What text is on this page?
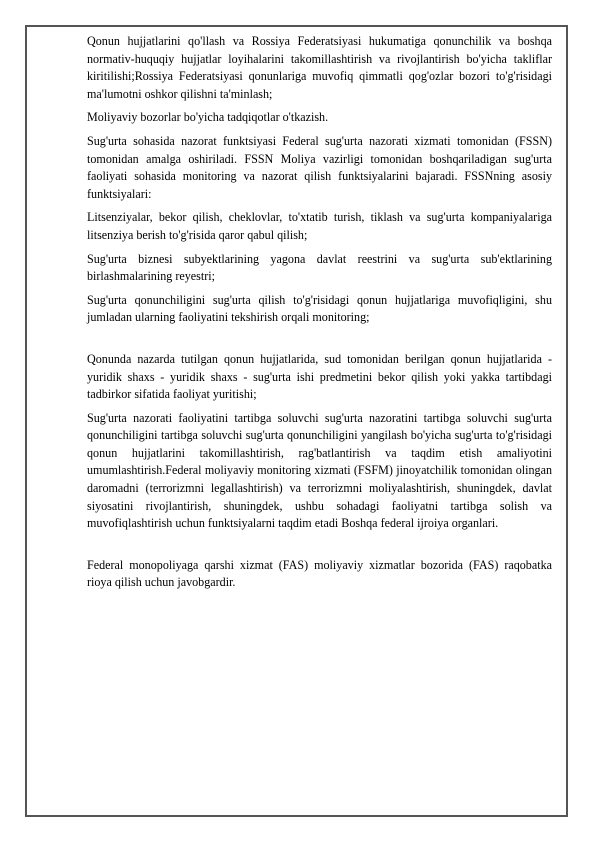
Qonun hujjatlarini qo'llash va Rossiya Federatsiyasi hukumatiga qonunchilik va boshqa normativ-huquqiy hujjatlar loyihalarini takomillashtirish va rivojlantirish bo'yicha takliflar kiritilishi;Rossiya Federatsiyasi qonunlariga muvofiq qimmatli qog'ozlar bozori to'g'risidagi ma'lumotni oshkor qilishni ta'minlash;

Moliyaviy bozorlar bo'yicha tadqiqotlar o'tkazish.

Sug'urta sohasida nazorat funktsiyasi Federal sug'urta nazorati xizmati tomonidan (FSSN) tomonidan amalga oshiriladi. FSSN Moliya vazirligi tomonidan boshqariladigan sug'urta faoliyati sohasida monitoring va nazorat qilish funktsiyalarini bajaradi. FSSNning asosiy funktsiyalari:

Litsenziyalar, bekor qilish, cheklovlar, to'xtatib turish, tiklash va sug'urta kompaniyalariga litsenziya berish to'g'risida qaror qabul qilish;

Sug'urta biznesi subyektlarining yagona davlat reestrini va sug'urta sub'ektlarining birlashmalarining reyestri;

Sug'urta qonunchiligini sug'urta qilish to'g'risidagi qonun hujjatlariga muvofiqligini, shu jumladan ularning faoliyatini tekshirish orqali monitoring;

Qonunda nazarda tutilgan qonun hujjatlarida, sud tomonidan berilgan qonun hujjatlarida - yuridik shaxs - yuridik shaxs - sug'urta ishi predmetini bekor qilish yoki yakka tartibdagi tadbirkor sifatida faoliyat yuritishi;

Sug'urta nazorati faoliyatini tartibga soluvchi sug'urta nazoratini tartibga soluvchi sug'urta qonunchiligini tartibga soluvchi sug'urta qonunchiligini yangilash bo'yicha sug'urta to'g'risidagi qonun hujjatlarini takomillashtirish, rag'batlantirish va taqdim etish amaliyotini umumlashtirish.Federal moliyaviy monitoring xizmati (FSFM) jinoyatchilik tomonidan olingan daromadni (terrorizmni legallashtirish) va terrorizmni moliyalashtirish, shuningdek, davlat siyosatini rivojlantirish, shuningdek, ushbu sohadagi faoliyatni tartibga solish va muvofiqlashtirish uchun funktsiyalarni taqdim etadi Boshqa federal ijroiya organlari.

Federal monopoliyaga qarshi xizmat (FAS) moliyaviy xizmatlar bozorida (FAS) raqobatka rioya qilish uchun javobgardir.
